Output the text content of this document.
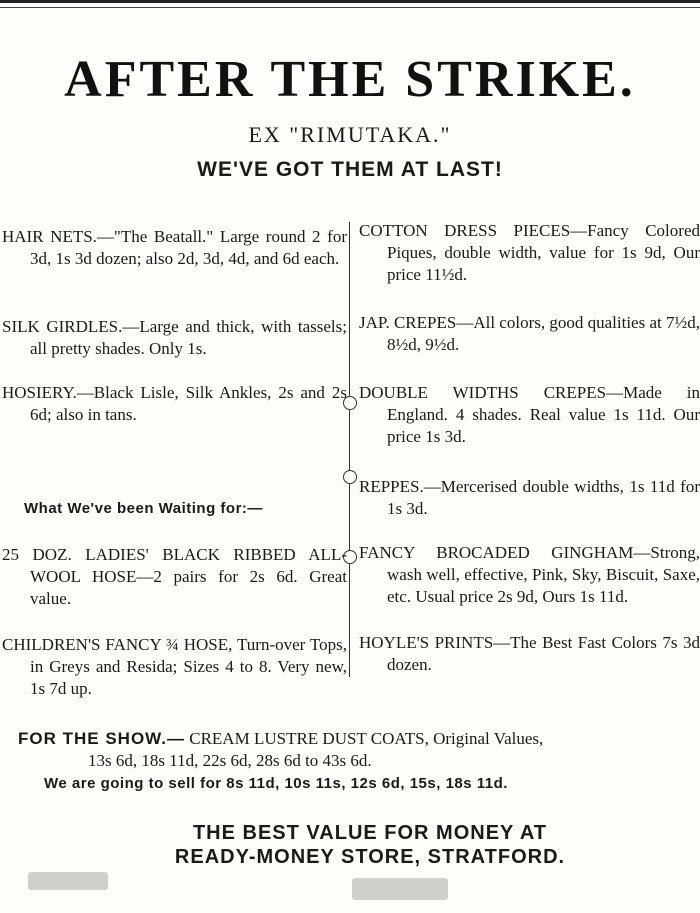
AFTER THE STRIKE.
EX "RIMUTAKA."
WE'VE GOT THEM AT LAST!

HAIR NETS.—"The Beatall." Large round 2 for 3d, 1s 3d dozen; also 2d, 3d, 4d, and 6d each.

SILK GIRDLES.—Large and thick, with tassels; all pretty shades. Only 1s.

HOSIERY.—Black Lisle, Silk Ankles, 2s and 2s 6d; also in tans.

25 DOZ. LADIES' BLACK RIBBED ALL-WOOL HOSE—2 pairs for 2s 6d. Great value.

CHILDREN'S FANCY ¾ HOSE, Turn-over Tops, in Greys and Resida; Sizes 4 to 8. Very new, 1s 7d up.

What We've been Waiting for:—

COTTON DRESS PIECES—Fancy Colored Piques, double width, value for 1s 9d, Our price 11½d.

JAP. CREPES—All colors, good qualities at 7½d, 8½d, 9½d.

DOUBLE WIDTHS CREPES—Made in England. 4 shades. Real value 1s 11d. Our price 1s 3d.

REPPES.—Mercerised double widths, 1s 11d for 1s 3d.

FANCY BROCADED GINGHAM—Strong, wash well, effective, Pink, Sky, Biscuit, Saxe, etc. Usual price 2s 9d, Ours 1s 11d.

HOYLE'S PRINTS—The Best Fast Colors 7s 3d dozen.

FOR THE SHOW.— CREAM LUSTRE DUST COATS, Original Values,
13s 6d, 18s 11d, 22s 6d, 28s 6d to 43s 6d.
We are going to sell for 8s 11d, 10s 11s, 12s 6d, 15s, 18s 11d.
THE BEST VALUE FOR MONEY AT
READY-MONEY STORE, STRATFORD.
